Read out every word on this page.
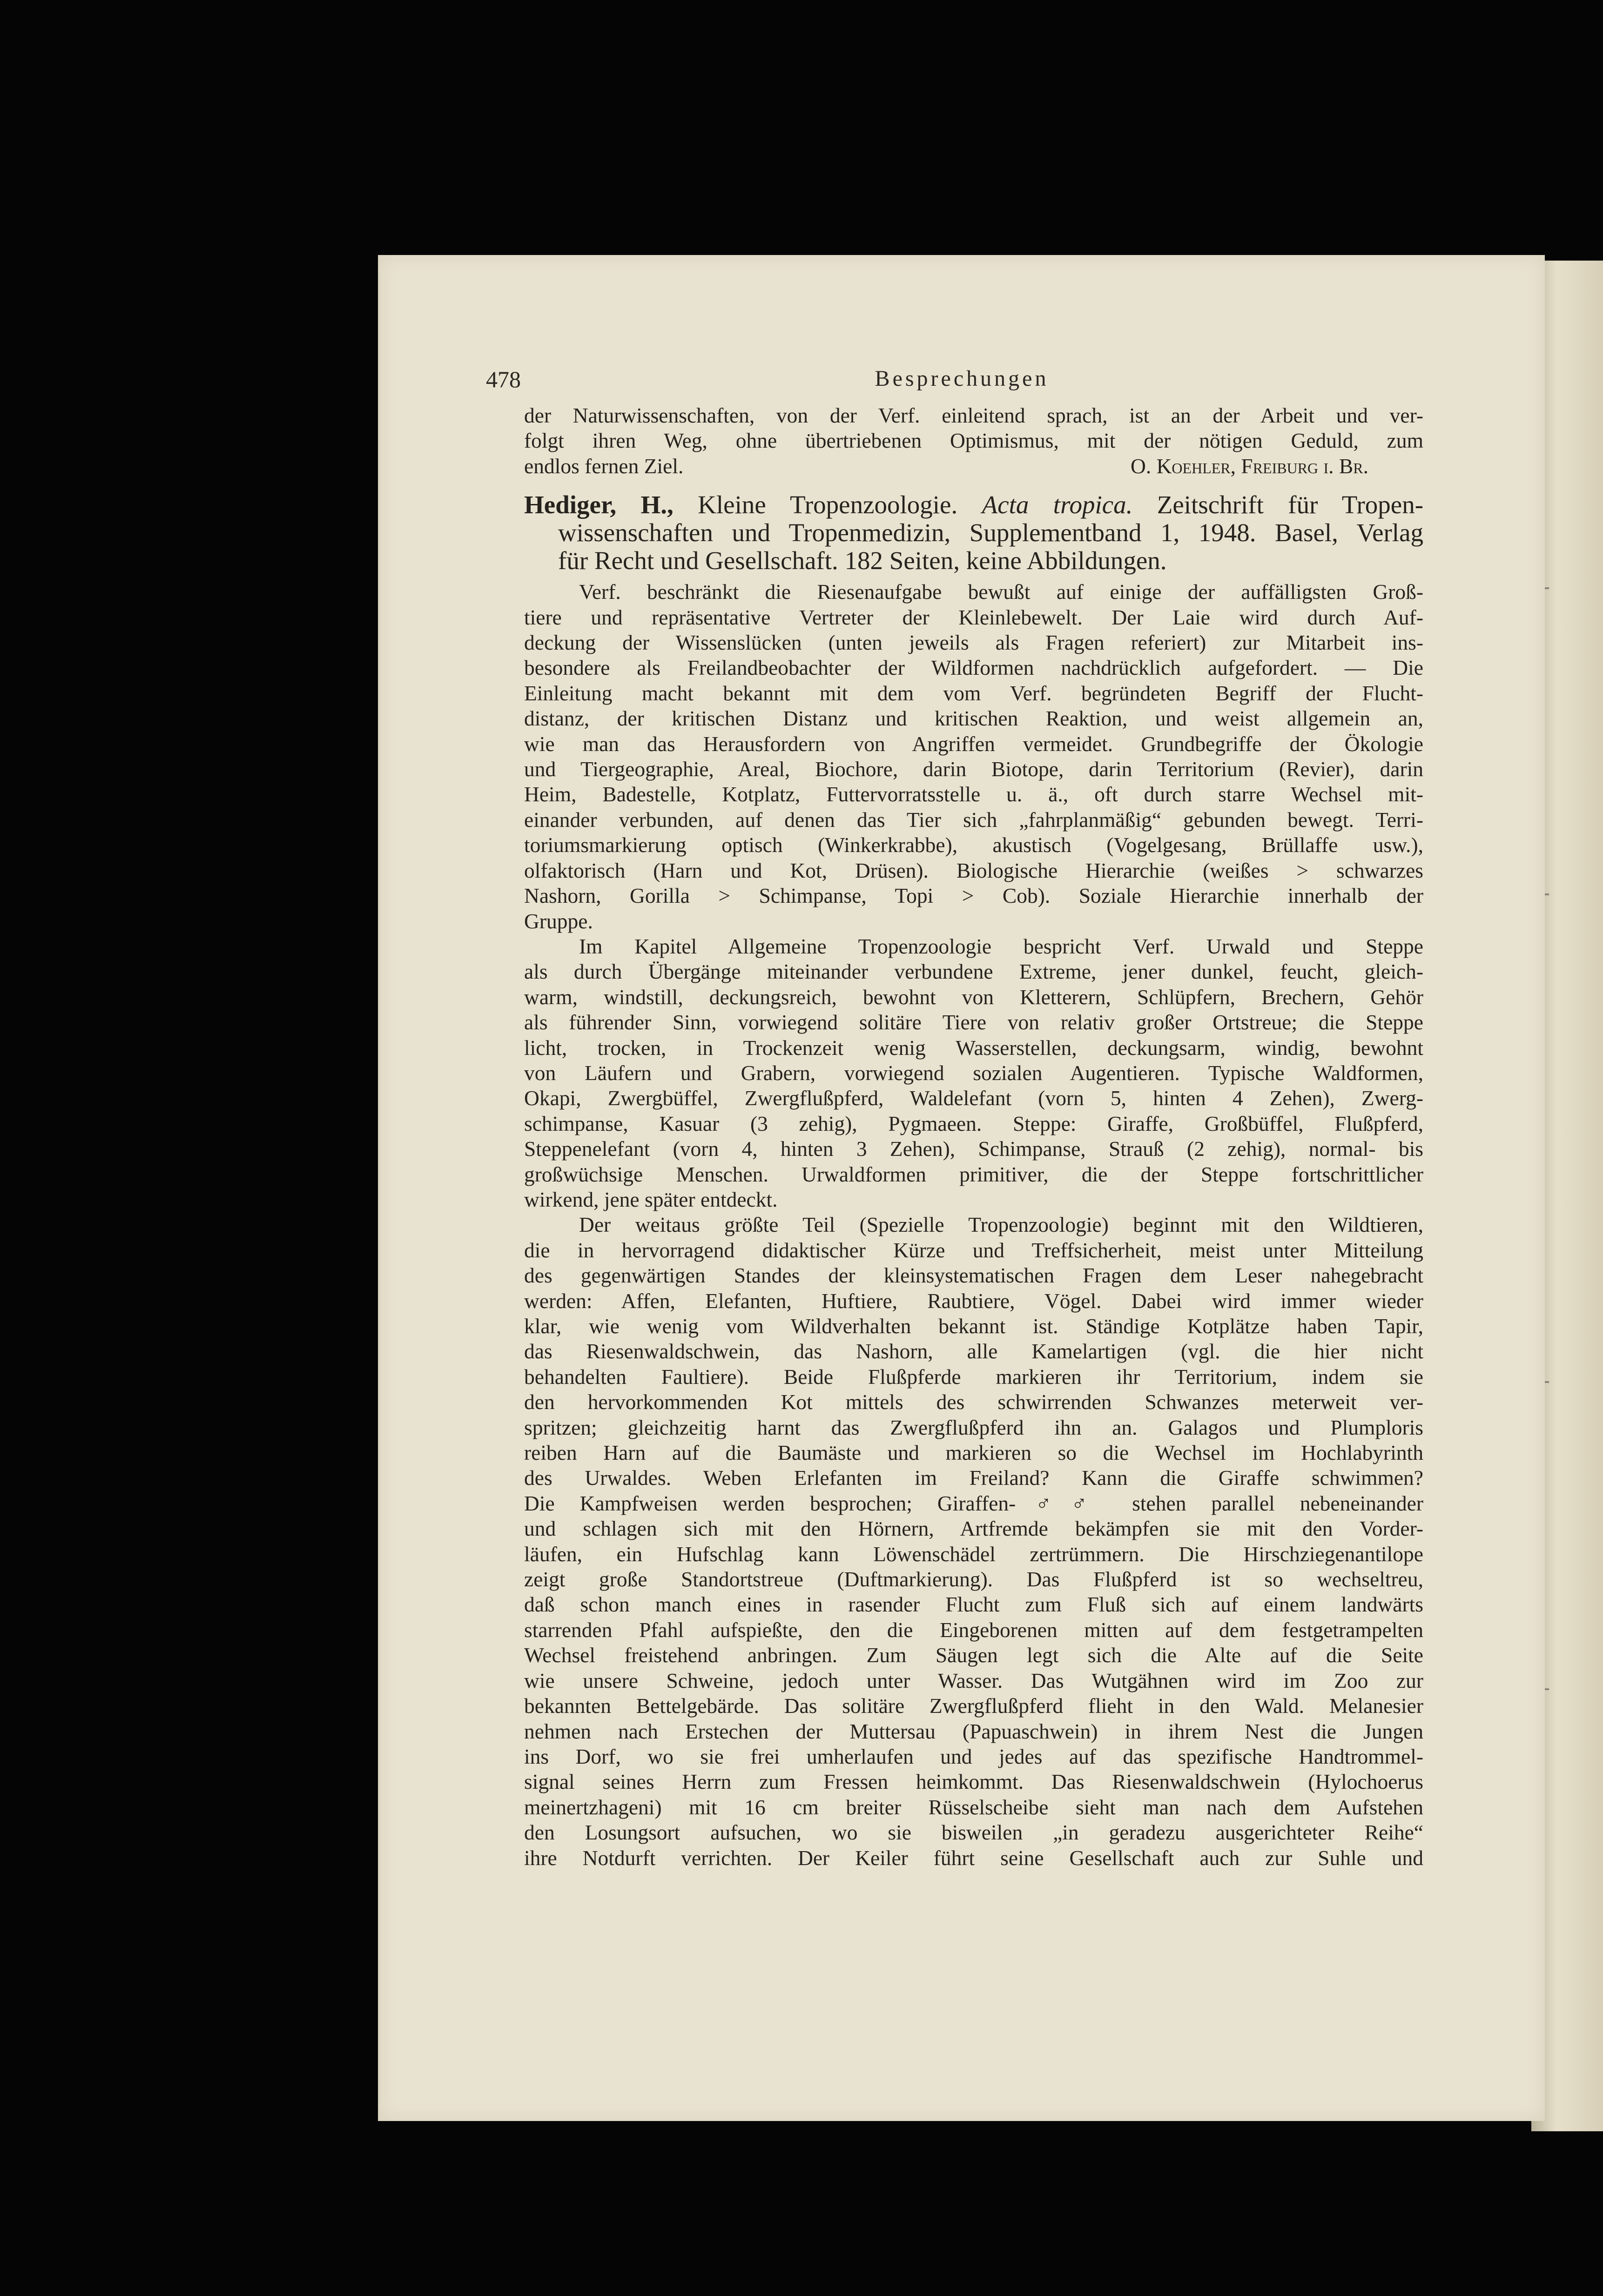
478	Besprechungen
der Naturwissenschaften, von der Verf. einleitend sprach, ist an der Arbeit und ver-
folgt ihren Weg, ohne übertriebenen Optimismus, mit der nötigen Geduld, zum
endlos fernen Ziel.	O. Koehler, Freiburg i. Br.
Hediger, H., Kleine Tropenzoologie. Acta tropica. Zeitschrift für Tropen-
wissenschaften und Tropenmedizin, Supplementband 1, 1948. Basel, Verlag
für Recht und Gesellschaft. 182 Seiten, keine Abbildungen.
Verf. beschränkt die Riesenaufgabe bewußt auf einige der auffälligsten Groß-
tiere und repräsentative Vertreter der Kleinlebewelt. Der Laie wird durch Auf-
deckung der Wissenslücken (unten jeweils als Fragen referiert) zur Mitarbeit ins-
besondere als Freilandbeobachter der Wildformen nachdrücklich aufgefordert. — Die
Einleitung macht bekannt mit dem vom Verf. begründeten Begriff der Flucht-
distanz, der kritischen Distanz und kritischen Reaktion, und weist allgemein an,
wie man das Herausfordern von Angriffen vermeidet. Grundbegriffe der Ökologie
und Tiergeographie, Areal, Biochore, darin Biotope, darin Territorium (Revier), darin
Heim, Badestelle, Kotplatz, Futtervorratsstelle u. ä., oft durch starre Wechsel mit-
einander verbunden, auf denen das Tier sich „fahrplanmäßig“ gebunden bewegt. Terri-
toriumsmarkierung optisch (Winkerkrabbe), akustisch (Vogelgesang, Brüllaffe usw.),
olfaktorisch (Harn und Kot, Drüsen). Biologische Hierarchie (weißes > schwarzes
Nashorn, Gorilla > Schimpanse, Topi > Cob). Soziale Hierarchie innerhalb der
Gruppe.
Im Kapitel Allgemeine Tropenzoologie bespricht Verf. Urwald und Steppe
als durch Übergänge miteinander verbundene Extreme, jener dunkel, feucht, gleich-
warm, windstill, deckungsreich, bewohnt von Kletterern, Schlüpfern, Brechern, Gehör
als führender Sinn, vorwiegend solitäre Tiere von relativ großer Ortstreue; die Steppe
licht, trocken, in Trockenzeit wenig Wasserstellen, deckungsarm, windig, bewohnt
von Läufern und Grabern, vorwiegend sozialen Augentieren. Typische Waldformen,
Okapi, Zwergbüffel, Zwergflußpferd, Waldelefant (vorn 5, hinten 4 Zehen), Zwerg-
schimpanse, Kasuar (3 zehig), Pygmaeen. Steppe: Giraffe, Großbüffel, Flußpferd,
Steppenelefant (vorn 4, hinten 3 Zehen), Schimpanse, Strauß (2 zehig), normal- bis
großwüchsige Menschen. Urwaldformen primitiver, die der Steppe fortschrittlicher
wirkend, jene später entdeckt.
Der weitaus größte Teil (Spezielle Tropenzoologie) beginnt mit den Wildtieren,
die in hervorragend didaktischer Kürze und Treffsicherheit, meist unter Mitteilung
des gegenwärtigen Standes der kleinsystematischen Fragen dem Leser nahegebracht
werden: Affen, Elefanten, Huftiere, Raubtiere, Vögel. Dabei wird immer wieder
klar, wie wenig vom Wildverhalten bekannt ist. Ständige Kotplätze haben Tapir,
das Riesenwaldschwein, das Nashorn, alle Kamelartigen (vgl. die hier nicht
behandelten Faultiere). Beide Flußpferde markieren ihr Territorium, indem sie
den hervorkommenden Kot mittels des schwirrenden Schwanzes meterweit ver-
spritzen; gleichzeitig harnt das Zwergflußpferd ihn an. Galagos und Plumploris
reiben Harn auf die Baumäste und markieren so die Wechsel im Hochlabyrinth
des Urwaldes. Weben Erlefanten im Freiland? Kann die Giraffe schwimmen?
Die Kampfweisen werden besprochen; Giraffen-♂♂ stehen parallel nebeneinander
und schlagen sich mit den Hörnern, Artfremde bekämpfen sie mit den Vorder-
läufen, ein Hufschlag kann Löwenschädel zertrümmern. Die Hirschziegenantilope
zeigt große Standortstreue (Duftmarkierung). Das Flußpferd ist so wechseltreu,
daß schon manch eines in rasender Flucht zum Fluß sich auf einem landwärts
starrenden Pfahl aufspießte, den die Eingeborenen mitten auf dem festgetrampelten
Wechsel freistehend anbringen. Zum Säugen legt sich die Alte auf die Seite
wie unsere Schweine, jedoch unter Wasser. Das Wutgähnen wird im Zoo zur
bekannten Bettelgebärde. Das solitäre Zwergflußpferd flieht in den Wald. Melanesier
nehmen nach Erstechen der Muttersau (Papuaschwein) in ihrem Nest die Jungen
ins Dorf, wo sie frei umherlaufen und jedes auf das spezifische Handtrommel-
signal seines Herrn zum Fressen heimkommt. Das Riesenwaldschwein (Hylochoerus
meinertzhageni) mit 16 cm breiter Rüsselscheibe sieht man nach dem Aufstehen
den Losungsort aufsuchen, wo sie bisweilen „in geradezu ausgerichteter Reihe“
ihre Notdurft verrichten. Der Keiler führt seine Gesellschaft auch zur Suhle und
